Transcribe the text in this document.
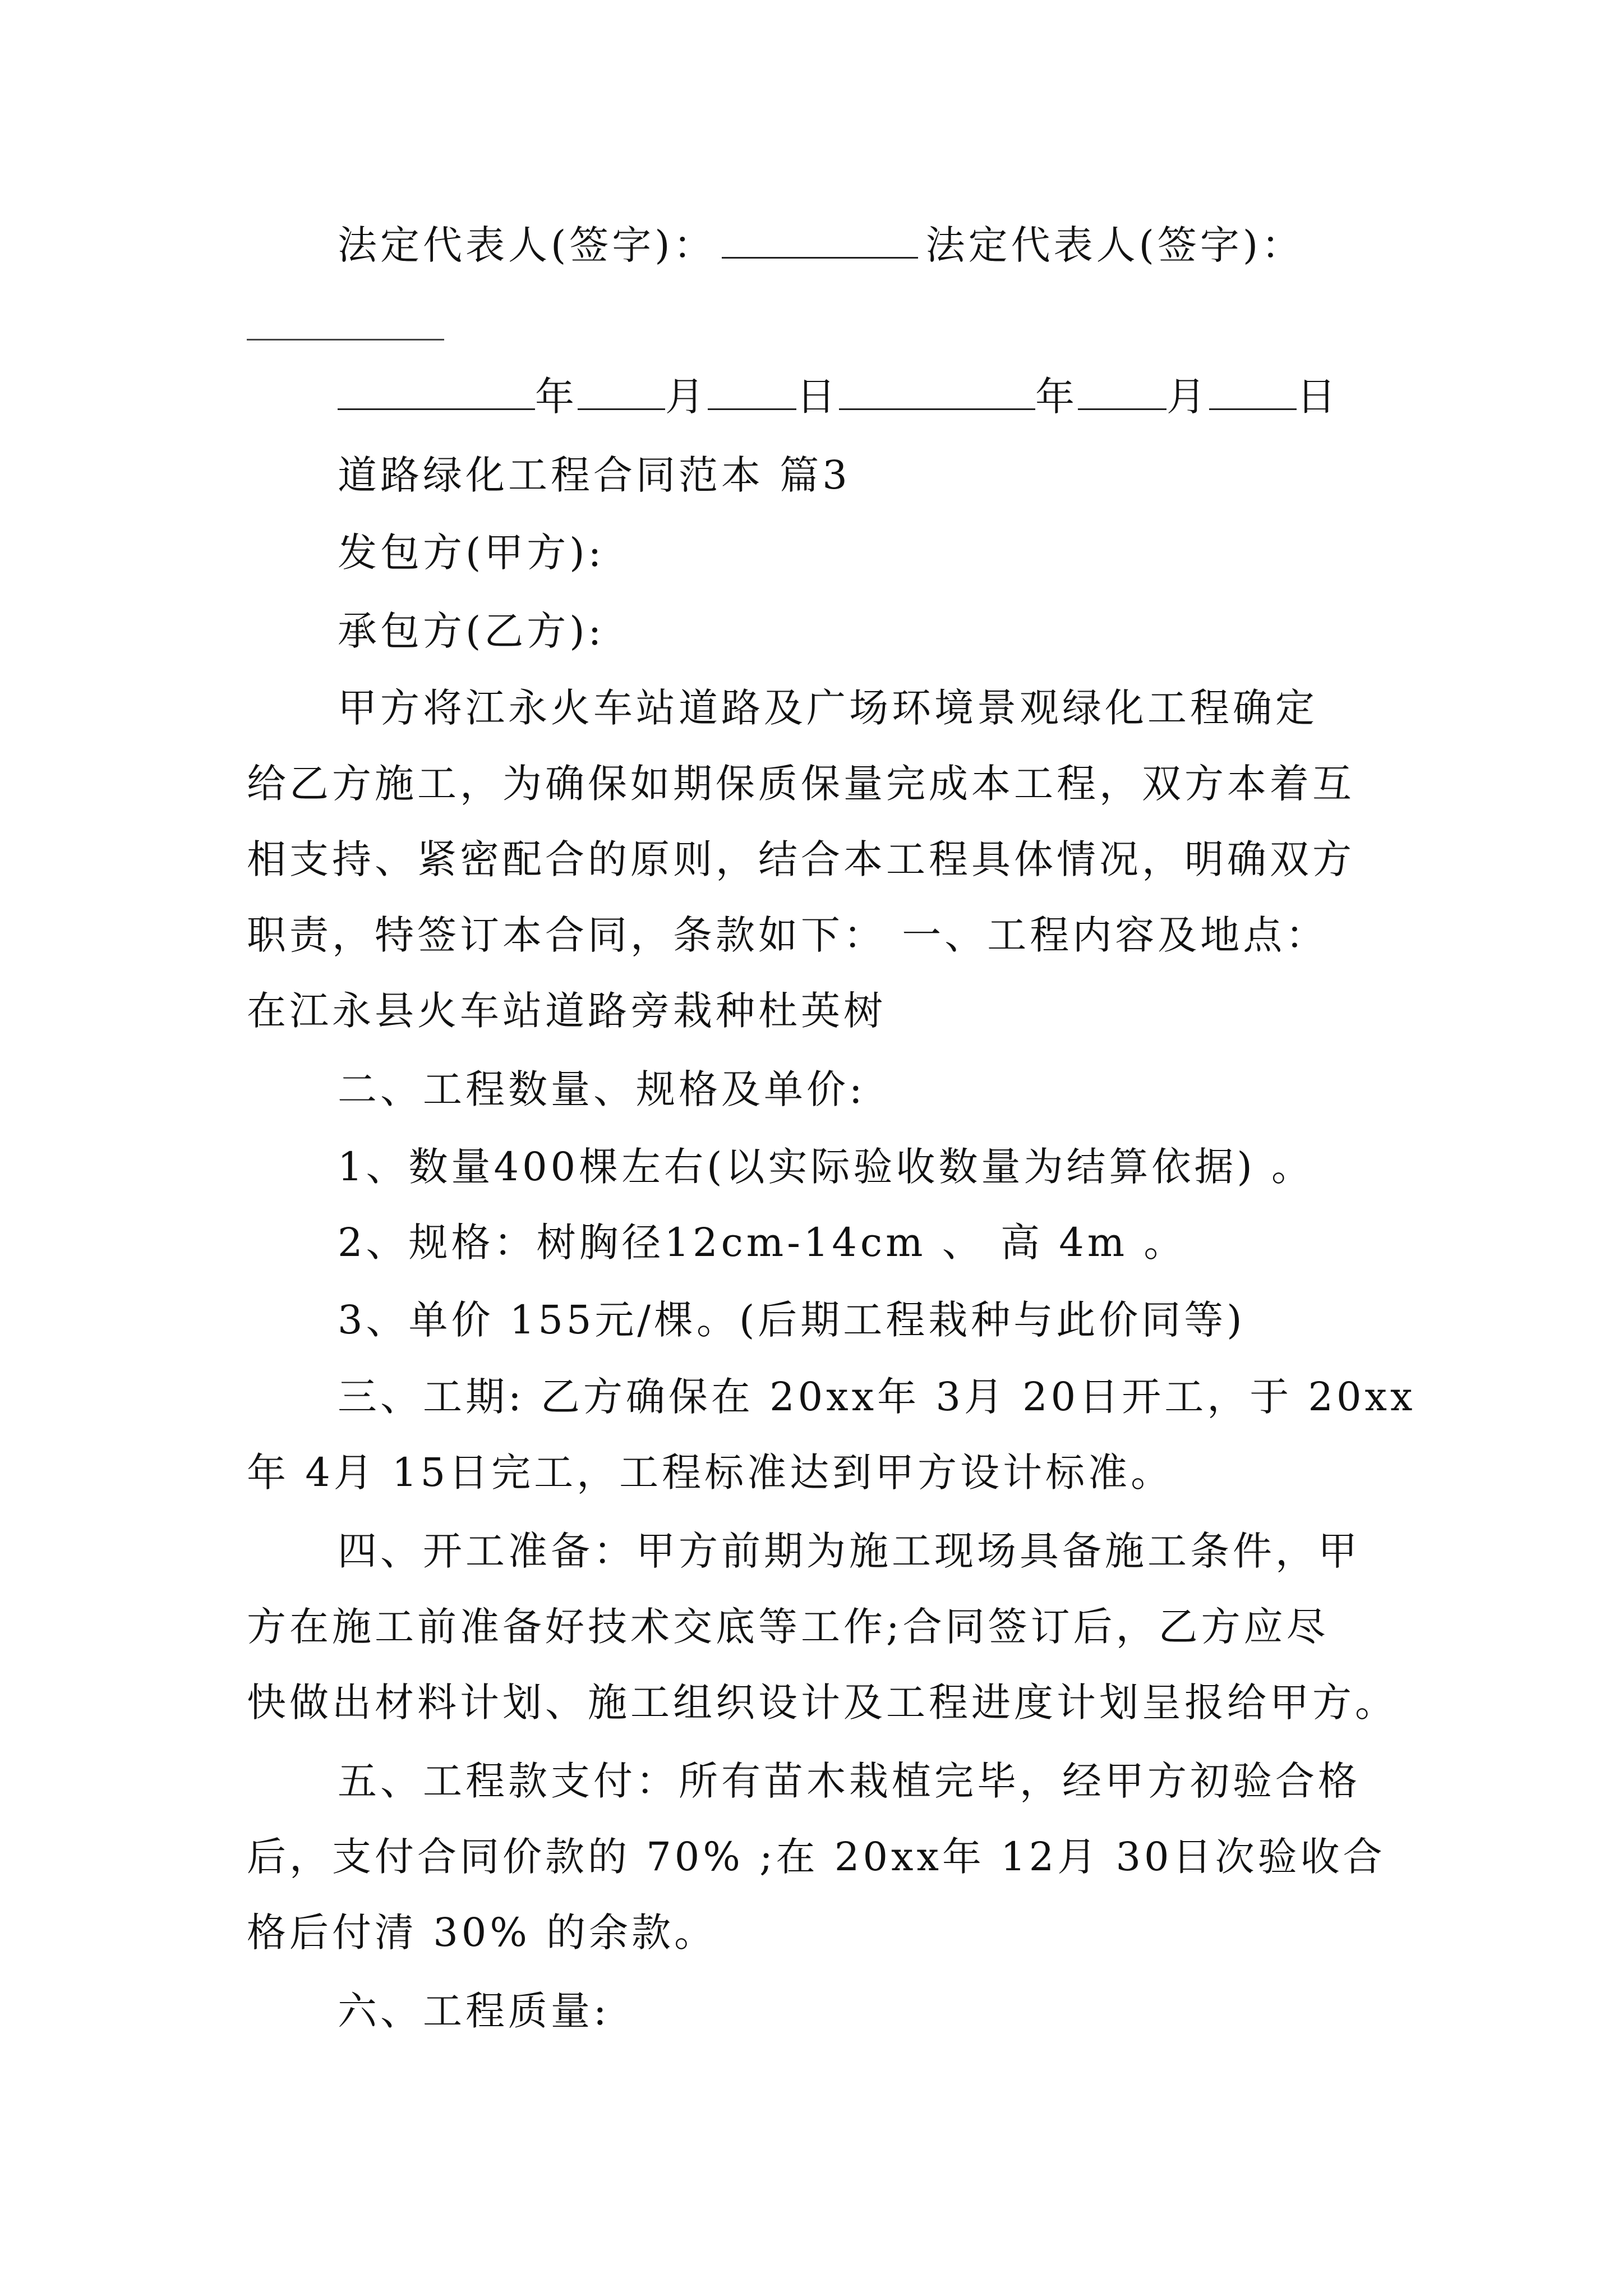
法定代表人(签字)：	法定代表人(签字)：
年 月 日	年 月 日
道路绿化工程合同范本 篇3
发包方(甲方):
承包方(乙方):
甲方将江永火车站道路及广场环境景观绿化工程确定
给乙方施工，为确保如期保质保量完成本工程，双方本着互
相支持、紧密配合的原则，结合本工程具体情况，明确双方
职责，特签订本合同，条款如下： 一、工程内容及地点：
在江永县火车站道路旁栽种杜英树
二、工程数量、规格及单价:
1、数量400棵左右(以实际验收数量为结算依据) 。
2、规格：树胸径12cm-14cm 、 高 4m 。
3、单价 155元/棵。(后期工程栽种与此价同等)
三、工期: 乙方确保在 20xx年 3月 20日开工，于 20xx
年 4月 15日完工，工程标准达到甲方设计标准。
四、开工准备：甲方前期为施工现场具备施工条件，甲
方在施工前准备好技术交底等工作;合同签订后，乙方应尽
快做出材料计划、施工组织设计及工程进度计划呈报给甲方。
五、工程款支付：所有苗木栽植完毕，经甲方初验合格
后，支付合同价款的 70% ;在 20xx年 12月 30日次验收合
格后付清 30% 的余款。
六、工程质量:
